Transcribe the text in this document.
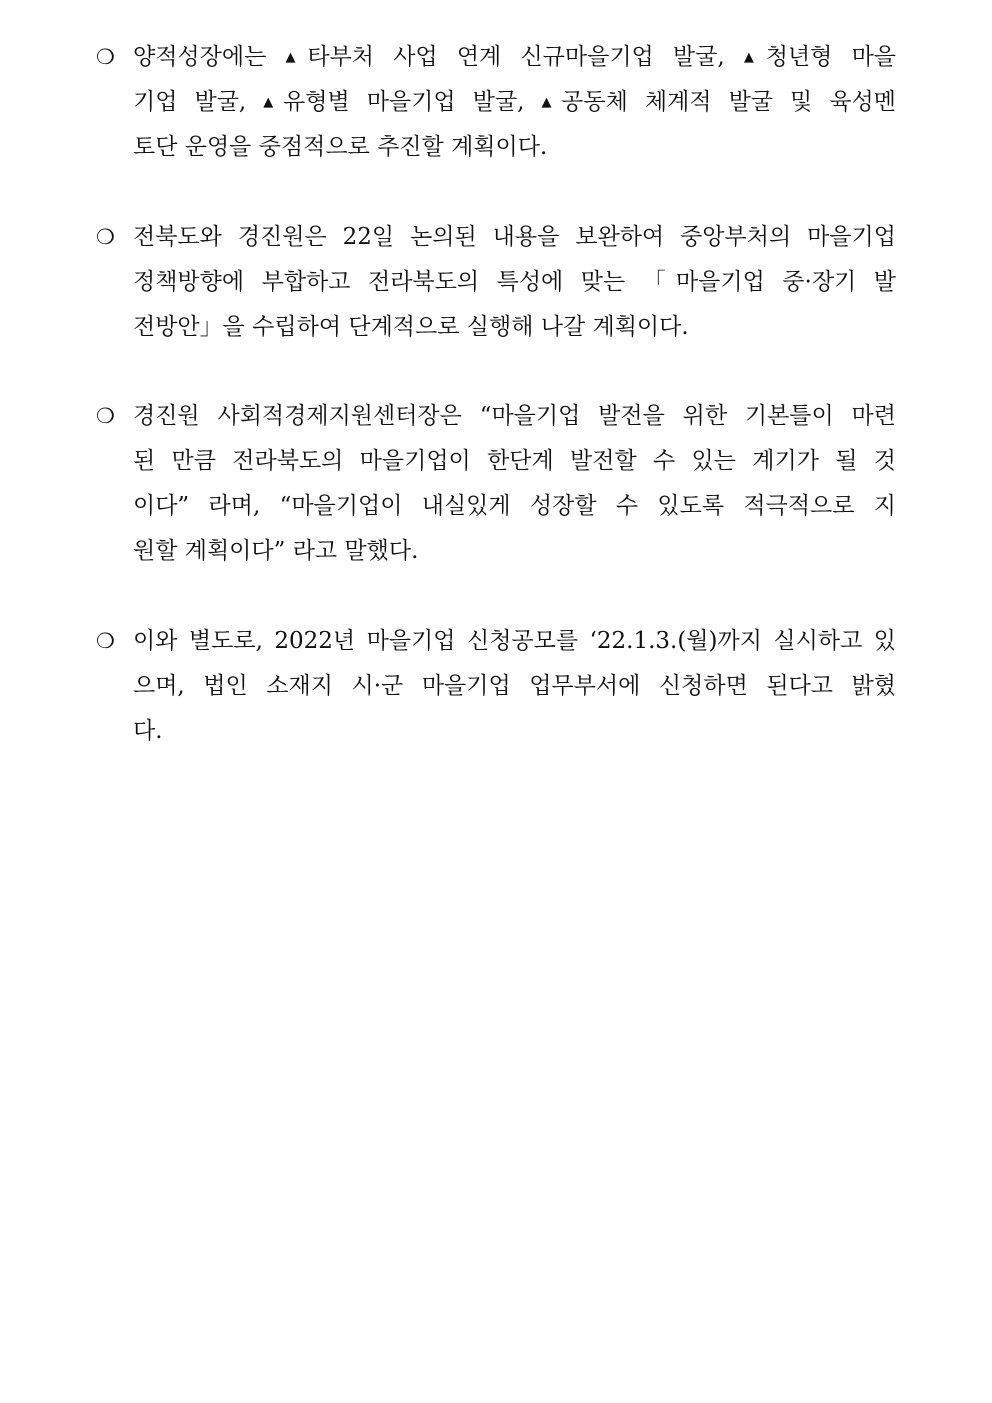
❍ 양적성장에는 ▲타부처 사업 연계 신규마을기업 발굴, ▲청년형 마을
기업 발굴, ▲유형별 마을기업 발굴, ▲공동체 체계적 발굴 및 육성멘
토단 운영을 중점적으로 추진할 계획이다.
❍ 전북도와 경진원은 22일 논의된 내용을 보완하여 중앙부처의 마을기업
정책방향에 부합하고 전라북도의 특성에 맞는 「마을기업 중·장기 발
전방안」을 수립하여 단계적으로 실행해 나갈 계획이다.
❍ 경진원 사회적경제지원센터장은 “마을기업 발전을 위한 기본틀이 마련
된 만큼 전라북도의 마을기업이 한단계 발전할 수 있는 계기가 될 것
이다” 라며, “마을기업이 내실있게 성장할 수 있도록 적극적으로 지
원할 계획이다” 라고 말했다.
❍ 이와 별도로, 2022년 마을기업 신청공모를 ‘22.1.3.(월)까지 실시하고 있
으며, 법인 소재지 시·군 마을기업 업무부서에 신청하면 된다고 밝혔
다.
